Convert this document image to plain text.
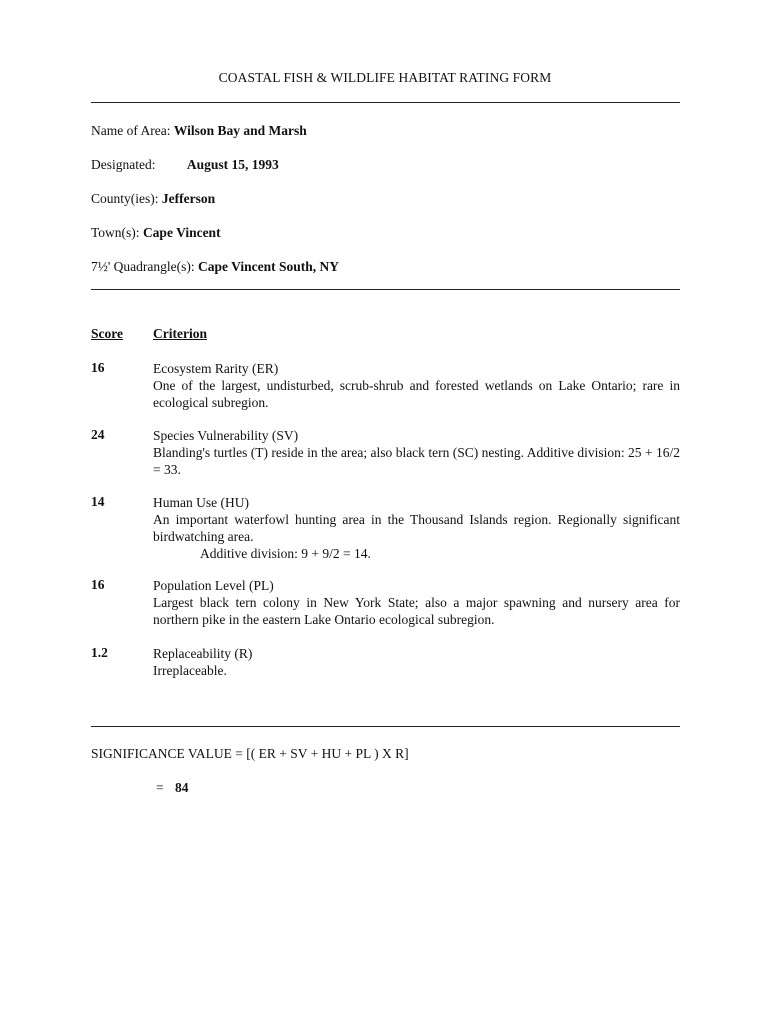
COASTAL FISH & WILDLIFE HABITAT RATING FORM
Name of Area: Wilson Bay and Marsh
Designated: August 15, 1993
County(ies): Jefferson
Town(s): Cape Vincent
7½' Quadrangle(s): Cape Vincent South, NY
Score Criterion
16	Ecosystem Rarity (ER)
One of the largest, undisturbed, scrub-shrub and forested wetlands on Lake Ontario; rare in ecological subregion.
24	Species Vulnerability (SV)
Blanding's turtles (T) reside in the area; also black tern (SC) nesting. Additive division: 25 + 16/2 = 33.
14	Human Use (HU)
An important waterfowl hunting area in the Thousand Islands region. Regionally significant birdwatching area.
Additive division: 9 + 9/2 = 14.
16	Population Level (PL)
Largest black tern colony in New York State; also a major spawning and nursery area for northern pike in the eastern Lake Ontario ecological subregion.
1.2	Replaceability (R)
Irreplaceable.
SIGNIFICANCE VALUE = [( ER + SV + HU + PL ) X R]
= 84
